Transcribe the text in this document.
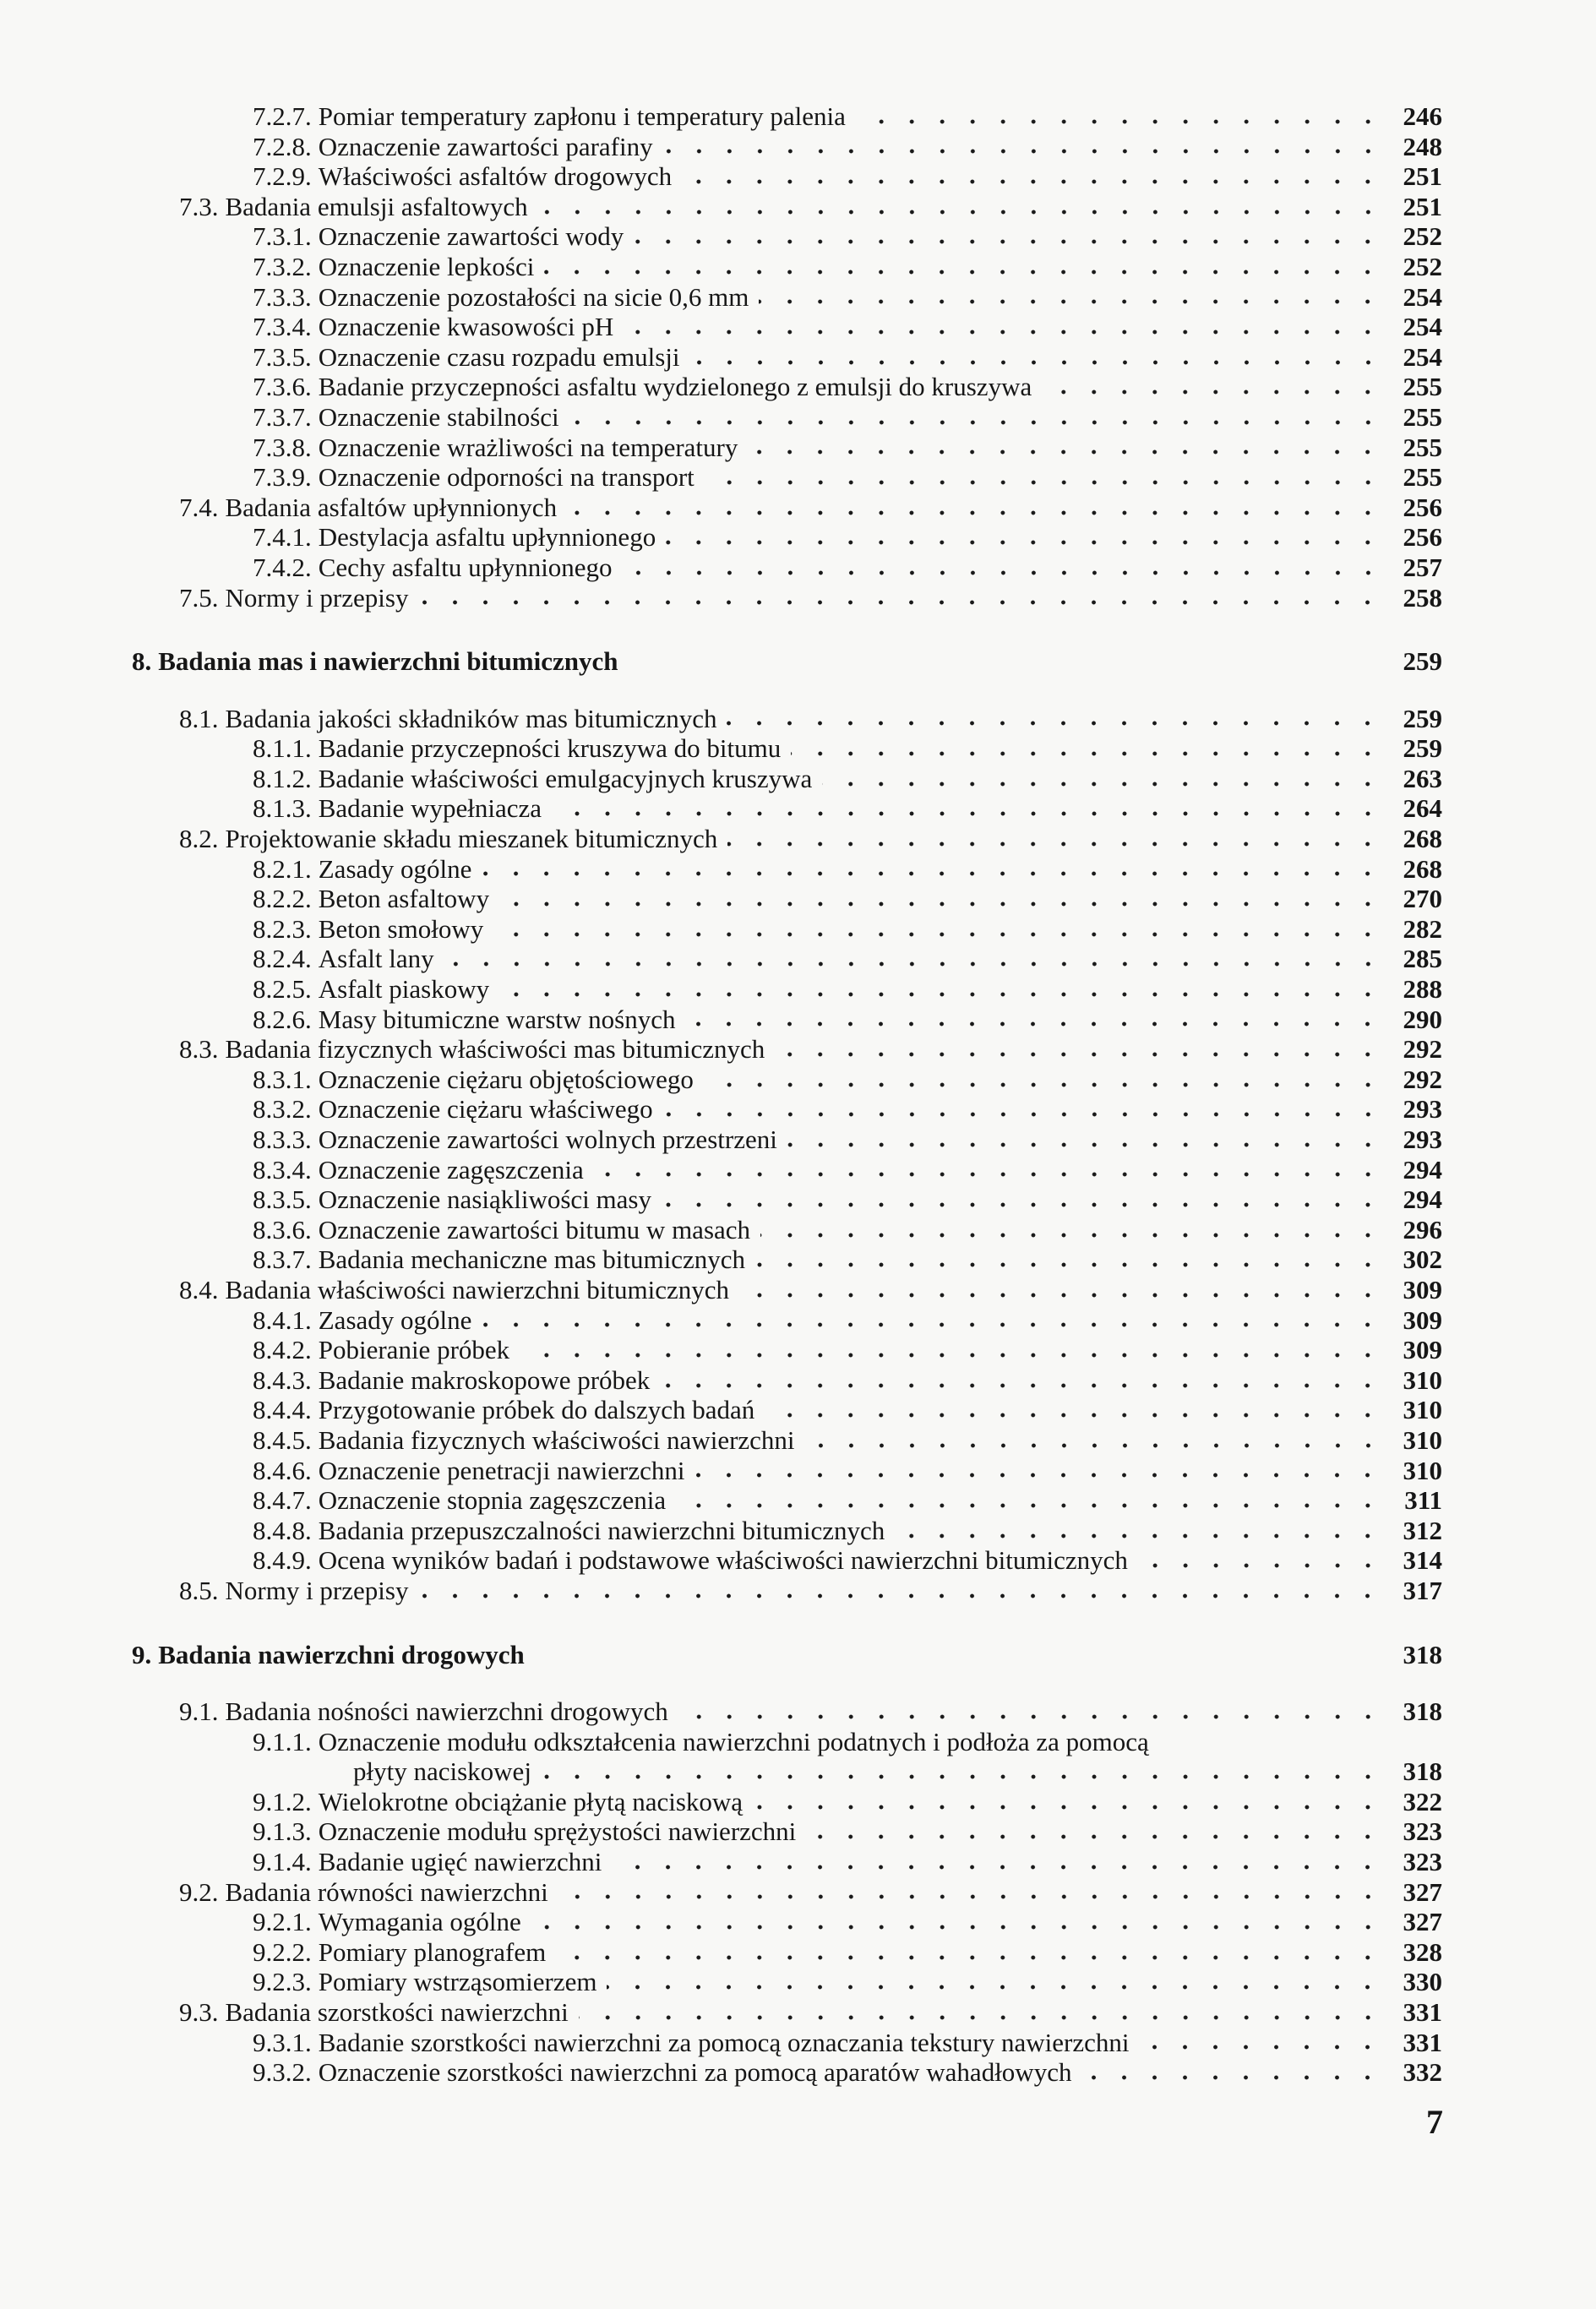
7.2.7. Pomiar temperatury zapłonu i temperatury palenia	246
7.2.8. Oznaczenie zawartości parafiny	248
7.2.9. Właściwości asfaltów drogowych	251
7.3. Badania emulsji asfaltowych	251
7.3.1. Oznaczenie zawartości wody	252
7.3.2. Oznaczenie lepkości	252
7.3.3. Oznaczenie pozostałości na sicie 0,6 mm	254
7.3.4. Oznaczenie kwasowości pH	254
7.3.5. Oznaczenie czasu rozpadu emulsji	254
7.3.6. Badanie przyczepności asfaltu wydzielonego z emulsji do kruszywa	255
7.3.7. Oznaczenie stabilności	255
7.3.8. Oznaczenie wrażliwości na temperatury	255
7.3.9. Oznaczenie odporności na transport	255
7.4. Badania asfaltów upłynnionych	256
7.4.1. Destylacja asfaltu upłynnionego	256
7.4.2. Cechy asfaltu upłynnionego	257
7.5. Normy i przepisy	258
8. Badania mas i nawierzchni bitumicznych	259
8.1. Badania jakości składników mas bitumicznych	259
8.1.1. Badanie przyczepności kruszywa do bitumu	259
8.1.2. Badanie właściwości emulgacyjnych kruszywa	263
8.1.3. Badanie wypełniacza	264
8.2. Projektowanie składu mieszanek bitumicznych	268
8.2.1. Zasady ogólne	268
8.2.2. Beton asfaltowy	270
8.2.3. Beton smołowy	282
8.2.4. Asfalt lany	285
8.2.5. Asfalt piaskowy	288
8.2.6. Masy bitumiczne warstw nośnych	290
8.3. Badania fizycznych właściwości mas bitumicznych	292
8.3.1. Oznaczenie ciężaru objętościowego	292
8.3.2. Oznaczenie ciężaru właściwego	293
8.3.3. Oznaczenie zawartości wolnych przestrzeni	293
8.3.4. Oznaczenie zagęszczenia	294
8.3.5. Oznaczenie nasiąkliwości masy	294
8.3.6. Oznaczenie zawartości bitumu w masach	296
8.3.7. Badania mechaniczne mas bitumicznych	302
8.4. Badania właściwości nawierzchni bitumicznych	309
8.4.1. Zasady ogólne	309
8.4.2. Pobieranie próbek	309
8.4.3. Badanie makroskopowe próbek	310
8.4.4. Przygotowanie próbek do dalszych badań	310
8.4.5. Badania fizycznych właściwości nawierzchni	310
8.4.6. Oznaczenie penetracji nawierzchni	310
8.4.7. Oznaczenie stopnia zagęszczenia	311
8.4.8. Badania przepuszczalności nawierzchni bitumicznych	312
8.4.9. Ocena wyników badań i podstawowe właściwości nawierzchni bitumicznych	314
8.5. Normy i przepisy	317
9. Badania nawierzchni drogowych	318
9.1. Badania nośności nawierzchni drogowych	318
9.1.1. Oznaczenie modułu odkształcenia nawierzchni podatnych i podłoża za pomocą
płyty naciskowej	318
9.1.2. Wielokrotne obciążanie płytą naciskową	322
9.1.3. Oznaczenie modułu sprężystości nawierzchni	323
9.1.4. Badanie ugięć nawierzchni	323
9.2. Badania równości nawierzchni	327
9.2.1. Wymagania ogólne	327
9.2.2. Pomiary planografem	328
9.2.3. Pomiary wstrząsomierzem	330
9.3. Badania szorstkości nawierzchni	331
9.3.1. Badanie szorstkości nawierzchni za pomocą oznaczania tekstury nawierzchni	331
9.3.2. Oznaczenie szorstkości nawierzchni za pomocą aparatów wahadłowych	332
7
